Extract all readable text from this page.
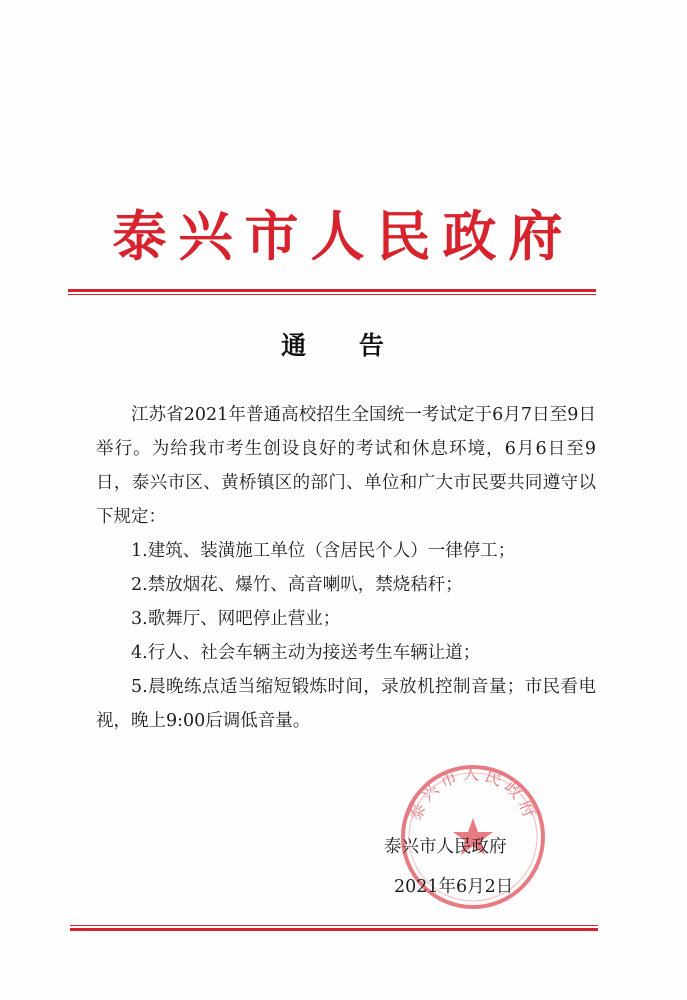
泰兴市人民政府
通 告

江苏省2021年普通高校招生全国统一考试定于6月7日至9日举行。为给我市考生创设良好的考试和休息环境，6月6日至9日，泰兴市区、黄桥镇区的部门、单位和广大市民要共同遵守以下规定：

1.建筑、装潢施工单位（含居民个人）一律停工；

2.禁放烟花、爆竹、高音喇叭，禁烧秸秆；

3.歌舞厅、网吧停止营业；

4.行人、社会车辆主动为接送考生车辆让道；

5.晨晚练点适当缩短锻炼时间，录放机控制音量；市民看电视，晚上9:00后调低音量。

泰兴市人民政府
泰兴市人民政府
2021年6月2日
